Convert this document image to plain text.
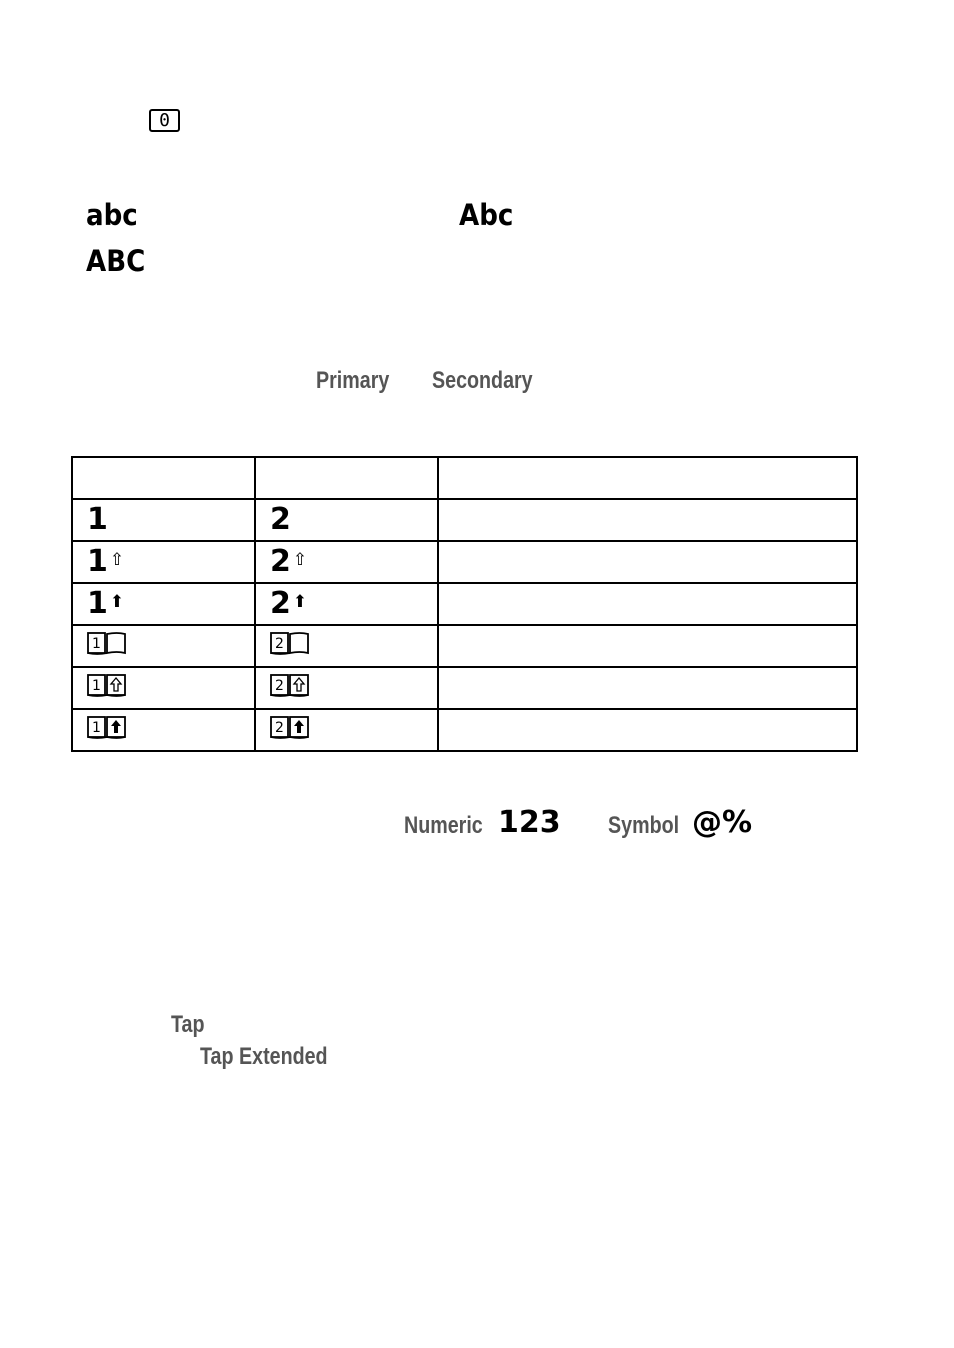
0
abc	Abc
ABC
Primary Secondary

1	2	
1 ⇧	2 ⇧	
1 ⬆	2 ⬆	

1	2	

1	2	

1	2	

Numeric 123 Symbol @%
Tap
Tap Extended
